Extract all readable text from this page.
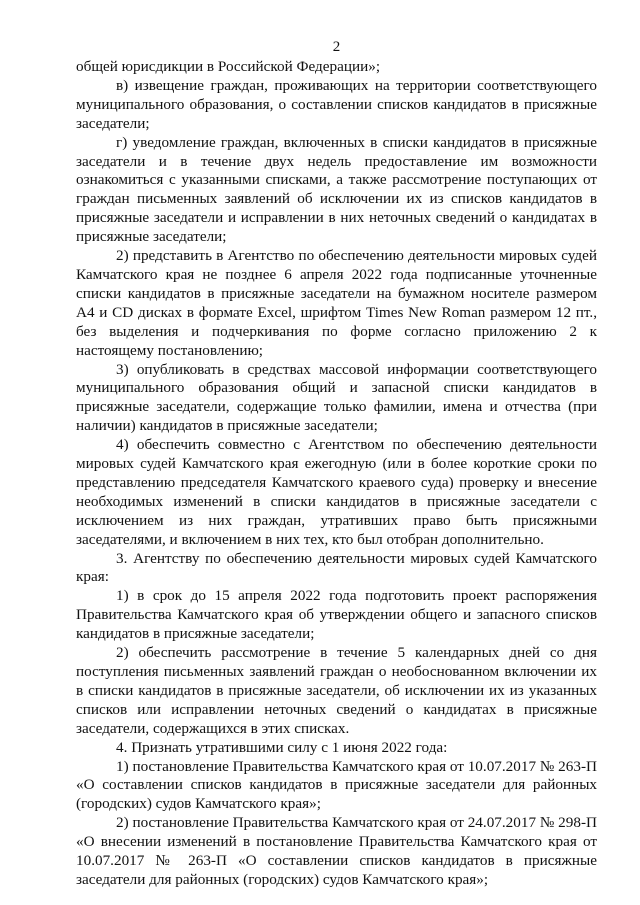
2

общей юрисдикции в Российской Федерации»;

в) извещение граждан, проживающих на территории соответствующего муниципального образования, о составлении списков кандидатов в присяжные заседатели;

г) уведомление граждан, включенных в списки кандидатов в присяжные заседатели и в течение двух недель предоставление им возможности ознакомиться с указанными списками, а также рассмотрение поступающих от граждан письменных заявлений об исключении их из списков кандидатов в присяжные заседатели и исправлении в них неточных сведений о кандидатах в присяжные заседатели;

2) представить в Агентство по обеспечению деятельности мировых судей Камчатского края не позднее 6 апреля 2022 года подписанные уточненные списки кандидатов в присяжные заседатели на бумажном носителе размером А4 и CD дисках в формате Excel, шрифтом Times New Roman размером 12 пт., без выделения и подчеркивания по форме согласно приложению 2 к настоящему постановлению;

3) опубликовать в средствах массовой информации соответствующего муниципального образования общий и запасной списки кандидатов в присяжные заседатели, содержащие только фамилии, имена и отчества (при наличии) кандидатов в присяжные заседатели;

4) обеспечить совместно с Агентством по обеспечению деятельности мировых судей Камчатского края ежегодную (или в более короткие сроки по представлению председателя Камчатского краевого суда) проверку и внесение необходимых изменений в списки кандидатов в присяжные заседатели с исключением из них граждан, утративших право быть присяжными заседателями, и включением в них тех, кто был отобран дополнительно.

3. Агентству по обеспечению деятельности мировых судей Камчатского края:

1) в срок до 15 апреля 2022 года подготовить проект распоряжения Правительства Камчатского края об утверждении общего и запасного списков кандидатов в присяжные заседатели;

2) обеспечить рассмотрение в течение 5 календарных дней со дня поступления письменных заявлений граждан о необоснованном включении их в списки кандидатов в присяжные заседатели, об исключении их из указанных списков или исправлении неточных сведений о кандидатах в присяжные заседатели, содержащихся в этих списках.

4. Признать утратившими силу с 1 июня 2022 года:

1) постановление Правительства Камчатского края от 10.07.2017 № 263-П «О составлении списков кандидатов в присяжные заседатели для районных (городских) судов Камчатского края»;

2) постановление Правительства Камчатского края от 24.07.2017 № 298-П «О внесении изменений в постановление Правительства Камчатского края от 10.07.2017 № 263-П «О составлении списков кандидатов в присяжные заседатели для районных (городских) судов Камчатского края»;
